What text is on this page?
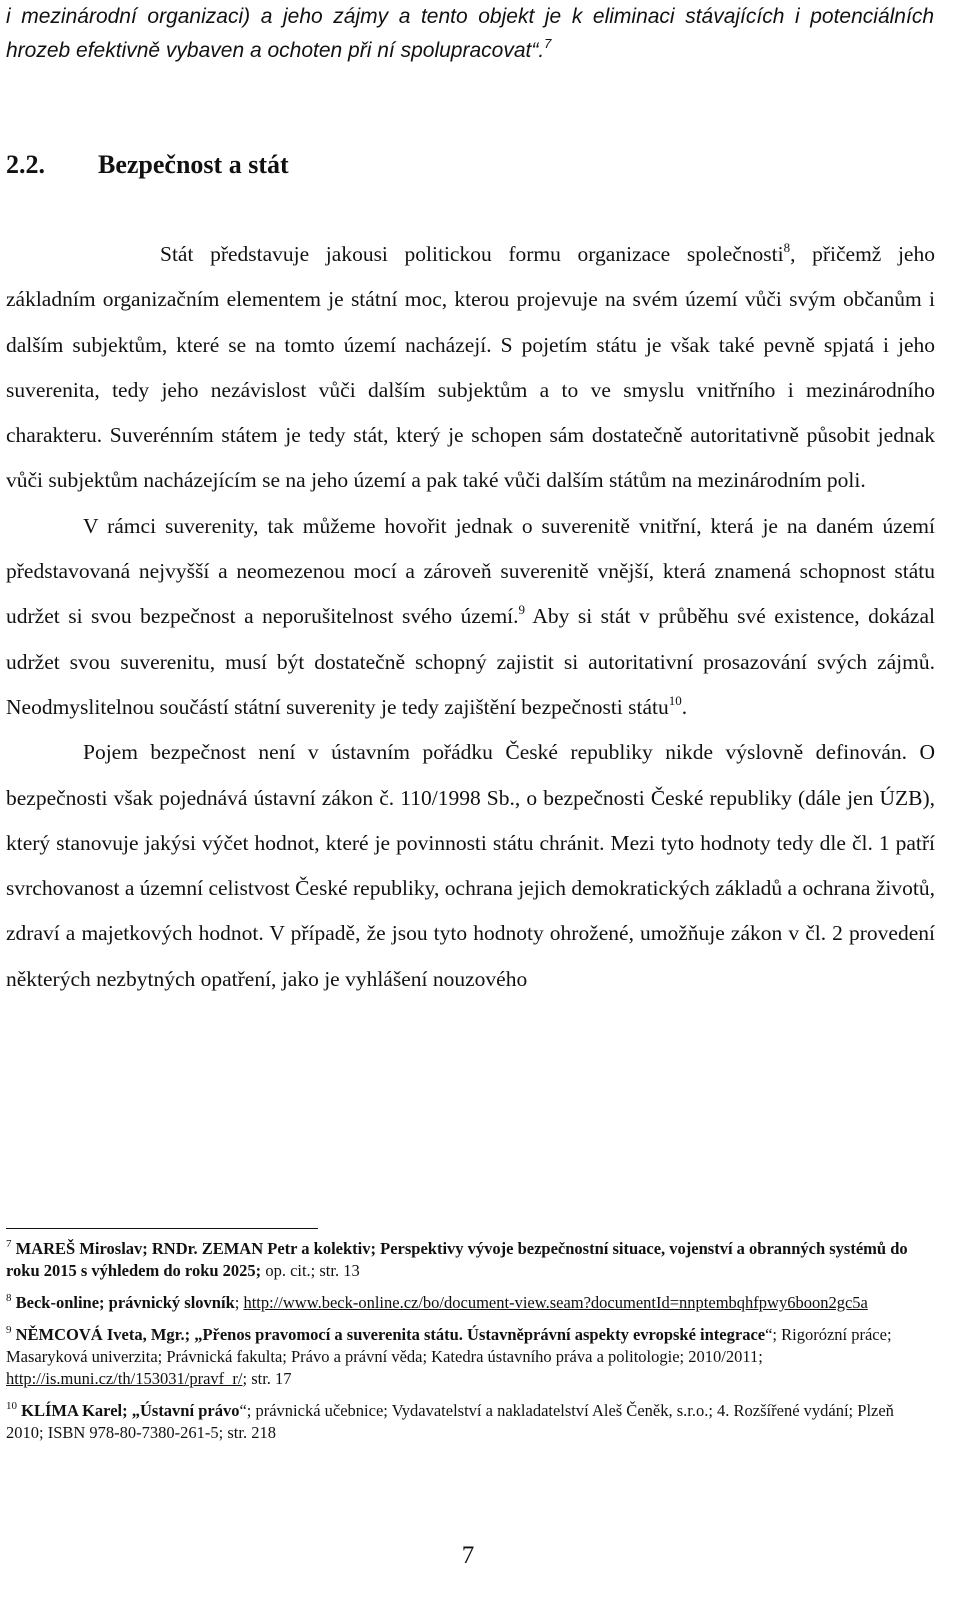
i mezinárodní organizaci) a jeho zájmy a tento objekt je k eliminaci stávajících i potenciálních hrozeb efektivně vybaven a ochoten při ní spolupracovat“.$^7$
2.2. Bezpečnost a stát

Stát představuje jakousi politickou formu organizace společnosti$^8$, přičemž jeho základním organizačním elementem je státní moc, kterou projevuje na svém území vůči svým občanům i dalším subjektům, které se na tomto území nacházejí. S pojetím státu je však také pevně spjatá i jeho suverenita, tedy jeho nezávislost vůči dalším subjektům a to ve smyslu vnitřního i mezinárodního charakteru. Suverénním státem je tedy stát, který je schopen sám dostatečně autoritativně působit jednak vůči subjektům nacházejícím se na jeho území a pak také vůči dalším státům na mezinárodním poli.

V rámci suverenity, tak můžeme hovořit jednak o suverenitě vnitřní, která je na daném území představovaná nejvyšší a neomezenou mocí a zároveň suverenitě vnější, která znamená schopnost státu udržet si svou bezpečnost a neporušitelnost svého území.$^9$ Aby si stát v průběhu své existence, dokázal udržet svou suverenitu, musí být dostatečně schopný zajistit si autoritativní prosazování svých zájmů. Neodmyslitelnou součástí státní suverenity je tedy zajištění bezpečnosti státu$^{10}$.

Pojem bezpečnost není v ústavním pořádku České republiky nikde výslovně definován. O bezpečnosti však pojednává ústavní zákon č. 110/1998 Sb., o bezpečnosti České republiky (dále jen ÚZB), který stanovuje jakýsi výčet hodnot, které je povinnosti státu chránit. Mezi tyto hodnoty tedy dle čl. 1 patří svrchovanost a územní celistvost České republiky, ochrana jejich demokratických základů a ochrana životů, zdraví a majetkových hodnot. V případě, že jsou tyto hodnoty ohrožené, umožňuje zákon v čl. 2 provedení některých nezbytných opatření, jako je vyhlášení nouzového

$^7$ MAREŠ Miroslav; RNDr. ZEMAN Petr a kolektiv; Perspektivy vývoje bezpečnostní situace, vojenství a obranných systémů do roku 2015 s výhledem do roku 2025; op. cit.; str. 13

$^8$ Beck-online; právnický slovník; http://www.beck-online.cz/bo/document-view.seam?documentId=nnptembqhfpwy6boon2gc5a

$^9$ NĚMCOVÁ Iveta, Mgr.; „Přenos pravomocí a suverenita státu. Ústavněprávní aspekty evropské integrace“; Rigorózní práce; Masaryková univerzita; Právnická fakulta; Právo a právní věda; Katedra ústavního práva a politologie; 2010/2011; http://is.muni.cz/th/153031/pravf_r/; str. 17

$^{10}$ KLÍMA Karel; „Ústavní právo“; právnická učebnice; Vydavatelství a nakladatelství Aleš Čeněk, s.r.o.; 4. Rozšířené vydání; Plzeň 2010; ISBN 978-80-7380-261-5; str. 218

7
